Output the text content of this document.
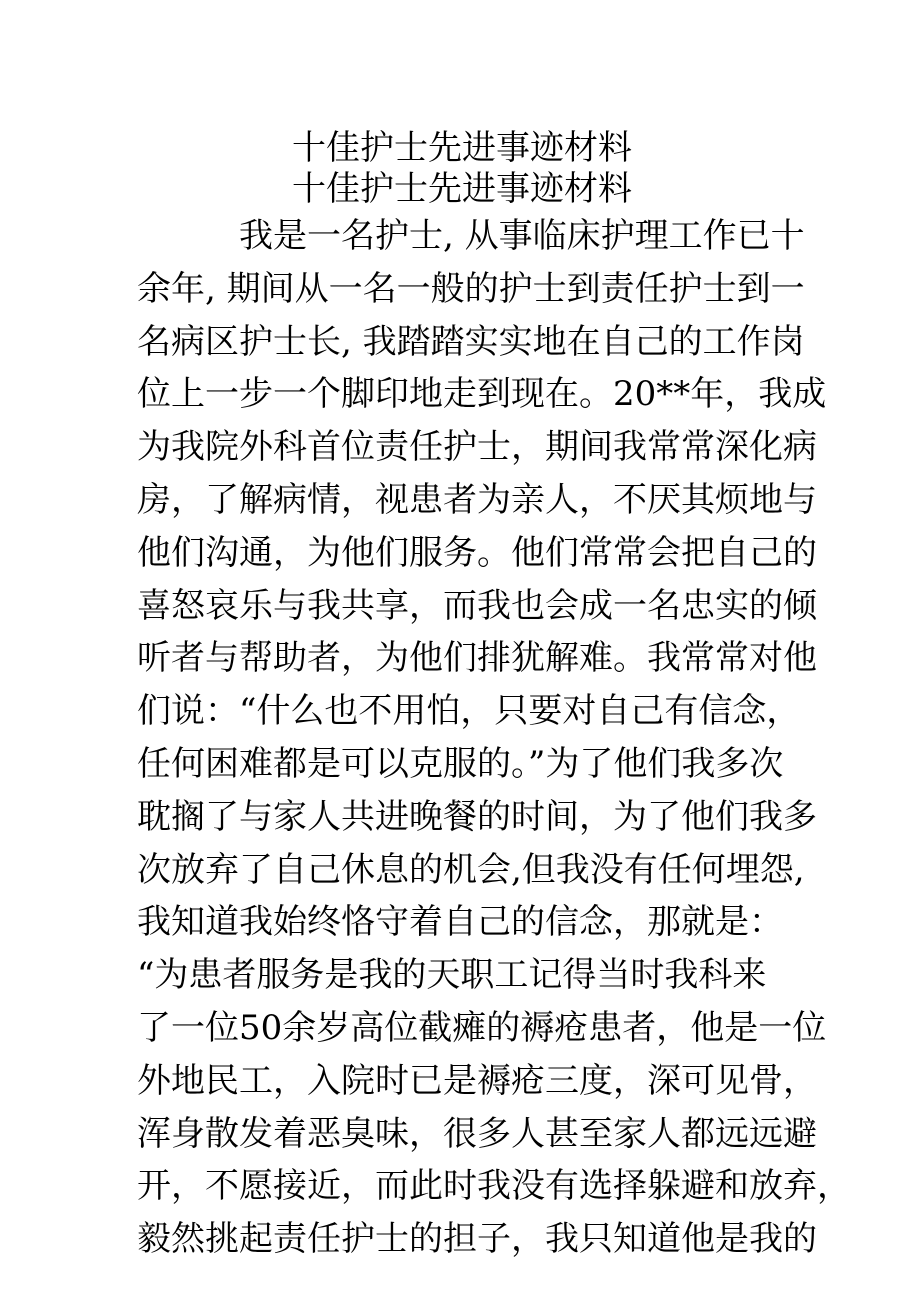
十佳护士先进事迹材料
十佳护士先进事迹材料
我是一名护士, 从事临床护理工作已十
余年, 期间从一名一般的护士到责任护士到一
名病区护士长, 我踏踏实实地在自己的工作岗
位上一步一个脚印地走到现在。20**年，我成
为我院外科首位责任护士，期间我常常深化病
房，了解病情，视患者为亲人，不厌其烦地与
他们沟通，为他们服务。他们常常会把自己的
喜怒哀乐与我共享，而我也会成一名忠实的倾
听者与帮助者，为他们排犹解难。我常常对他
们说：“什么也不用怕，只要对自己有信念，
任何困难都是可以克服的。”为了他们我多次
耽搁了与家人共进晚餐的时间，为了他们我多
次放弃了自己休息的机会,但我没有任何埋怨,
我知道我始终恪守着自己的信念，那就是：
“为患者服务是我的天职工记得当时我科来
了一位50余岁高位截瘫的褥疮患者，他是一位
外地民工，入院时已是褥疮三度，深可见骨，
浑身散发着恶臭味，很多人甚至家人都远远避
开，不愿接近，而此时我没有选择躲避和放弃，
毅然挑起责任护士的担子，我只知道他是我的
